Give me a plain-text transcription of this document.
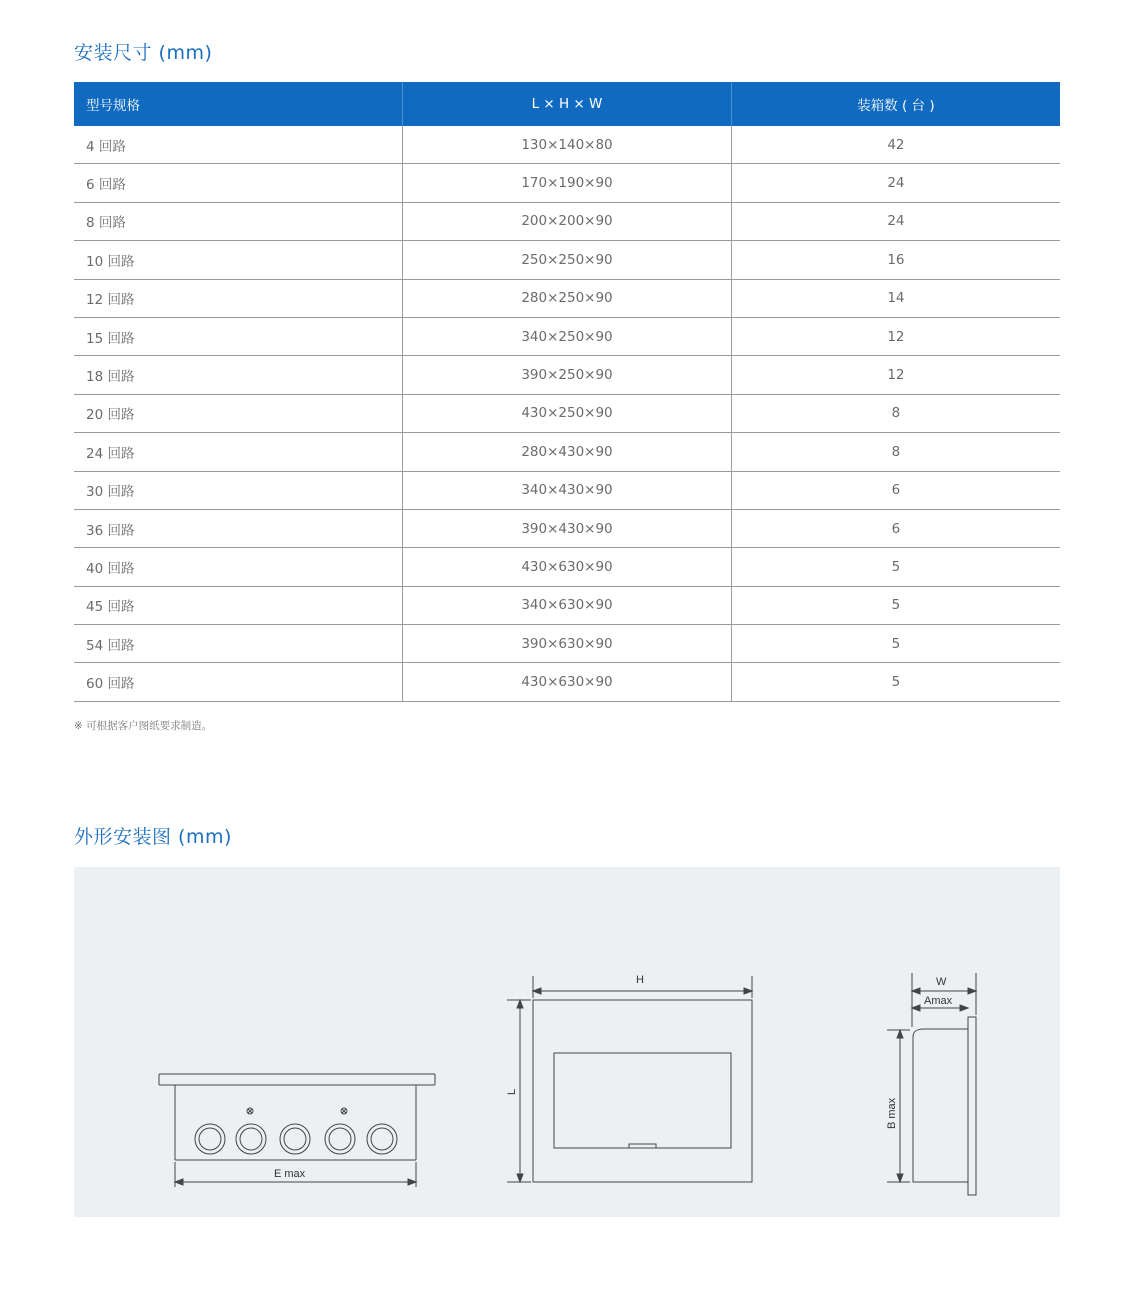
安装尺寸 (mm)
型号规格	L × H × W	装箱数 ( 台 )
4 回路	130×140×80	42
6 回路	170×190×90	24
8 回路	200×200×90	24
10 回路	250×250×90	16
12 回路	280×250×90	14
15 回路	340×250×90	12
18 回路	390×250×90	12
20 回路	430×250×90	8
24 回路	280×430×90	8
30 回路	340×430×90	6
36 回路	390×430×90	6
40 回路	430×630×90	5
45 回路	340×630×90	5
54 回路	390×630×90	5
60 回路	430×630×90	5
※ 可根据客户图纸要求制造。
外形安装图 (mm)
E max
H
L
W
Amax
B max
